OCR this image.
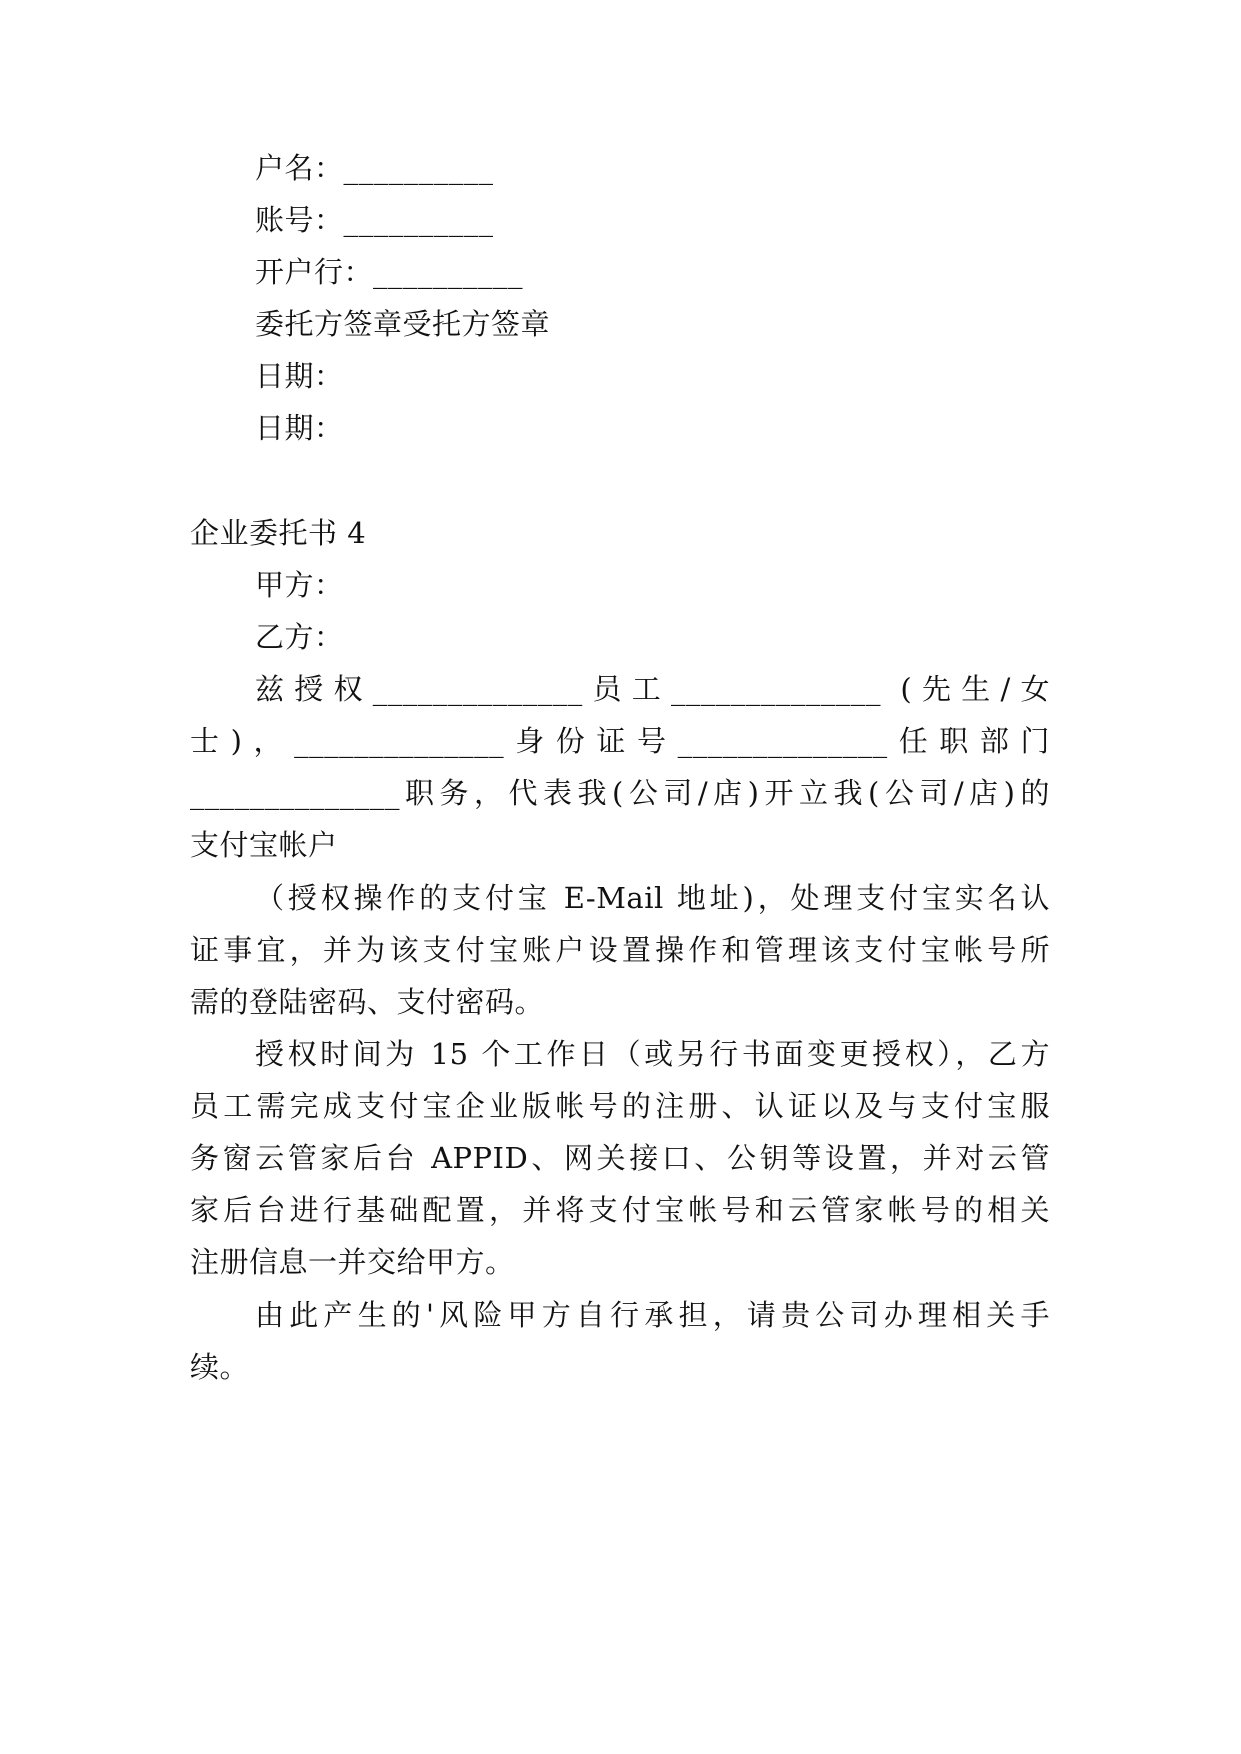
户名：__________
账号：__________
开户行：__________
委托方签章受托方签章
日期：
日期：
企业委托书 4
甲方：
乙方：
兹授权______________员工______________ (先生/女
士)，______________身份证号______________任职部门
______________职务，代表我(公司/店)开立我(公司/店)的
支付宝帐户
（授权操作的支付宝 E-Mail 地址)，处理支付宝实名认
证事宜，并为该支付宝账户设置操作和管理该支付宝帐号所
需的登陆密码、支付密码。
授权时间为 15 个工作日（或另行书面变更授权），乙方
员工需完成支付宝企业版帐号的注册、认证以及与支付宝服
务窗云管家后台 APPID、网关接口、公钥等设置，并对云管
家后台进行基础配置，并将支付宝帐号和云管家帐号的相关
注册信息一并交给甲方。
由此产生的'风险甲方自行承担，请贵公司办理相关手
续。
